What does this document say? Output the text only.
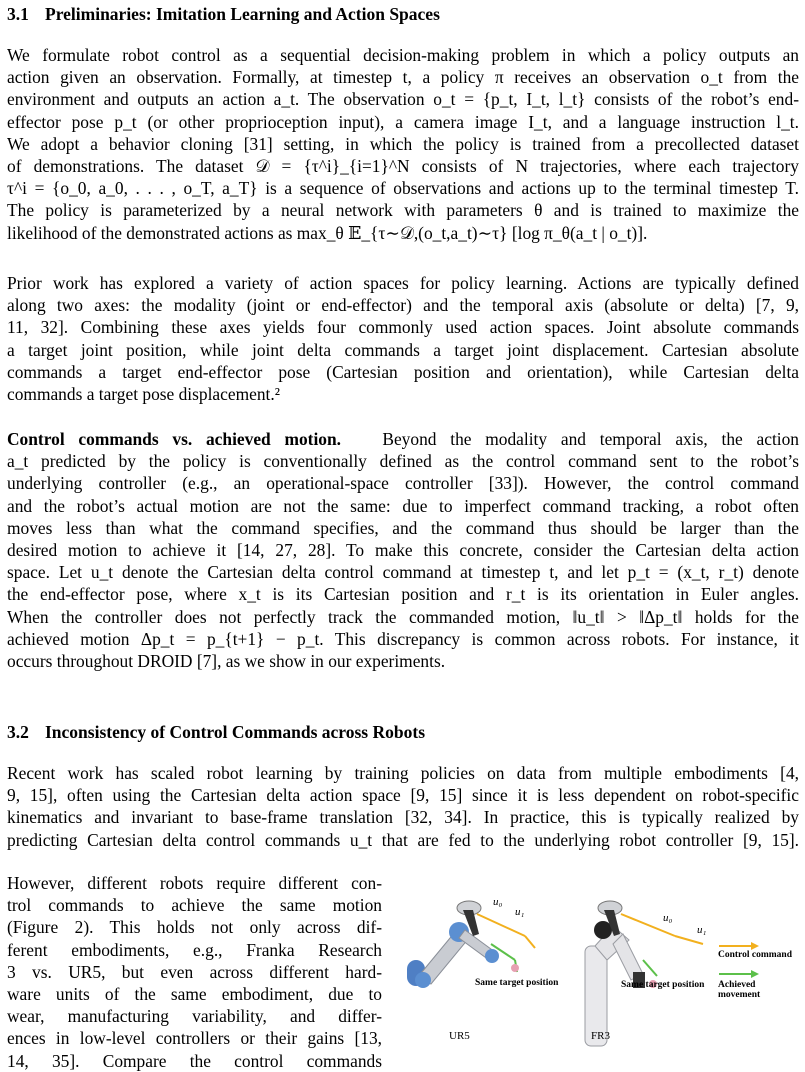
3.1 Preliminaries: Imitation Learning and Action Spaces
We formulate robot control as a sequential decision-making problem in which a policy outputs an
action given an observation. Formally, at timestep t, a policy π receives an observation o_t from the
environment and outputs an action a_t. The observation o_t = {p_t, I_t, l_t} consists of the robot’s end-
effector pose p_t (or other proprioception input), a camera image I_t, and a language instruction l_t.
We adopt a behavior cloning [31] setting, in which the policy is trained from a precollected dataset
of demonstrations. The dataset 𝒟 = {τ^i}_{i=1}^N consists of N trajectories, where each trajectory
τ^i = {o_0, a_0, . . . , o_T, a_T} is a sequence of observations and actions up to the terminal timestep T.
The policy is parameterized by a neural network with parameters θ and is trained to maximize the
likelihood of the demonstrated actions as max_θ 𝔼_{τ∼𝒟,(o_t,a_t)∼τ} [log π_θ(a_t | o_t)].
Prior work has explored a variety of action spaces for policy learning. Actions are typically defined
along two axes: the modality (joint or end-effector) and the temporal axis (absolute or delta) [7, 9,
11, 32]. Combining these axes yields four commonly used action spaces. Joint absolute commands
a target joint position, while joint delta commands a target joint displacement. Cartesian absolute
commands a target end-effector pose (Cartesian position and orientation), while Cartesian delta
commands a target pose displacement.²
Control commands vs. achieved motion. Beyond the modality and temporal axis, the action
a_t predicted by the policy is conventionally defined as the control command sent to the robot’s
underlying controller (e.g., an operational-space controller [33]). However, the control command
and the robot’s actual motion are not the same: due to imperfect command tracking, a robot often
moves less than what the command specifies, and the command thus should be larger than the
desired motion to achieve it [14, 27, 28]. To make this concrete, consider the Cartesian delta action
space. Let u_t denote the Cartesian delta control command at timestep t, and let p_t = (x_t, r_t) denote
the end-effector pose, where x_t is its Cartesian position and r_t is its orientation in Euler angles.
When the controller does not perfectly track the commanded motion, ‖u_t‖ > ‖Δp_t‖ holds for the
achieved motion Δp_t = p_{t+1} − p_t. This discrepancy is common across robots. For instance, it
occurs throughout DROID [7], as we show in our experiments.
3.2 Inconsistency of Control Commands across Robots
Recent work has scaled robot learning by training policies on data from multiple embodiments [4,
9, 15], often using the Cartesian delta action space [9, 15] since it is less dependent on robot-specific
kinematics and invariant to base-frame translation [32, 34]. In practice, this is typically realized by
predicting Cartesian delta control commands u_t that are fed to the underlying robot controller [9, 15].
However, different robots require different con-
trol commands to achieve the same motion
(Figure 2). This holds not only across dif-
ferent embodiments, e.g., Franka Research
3 vs. UR5, but even across different hard-
ware units of the same embodiment, due to
wear, manufacturing variability, and differ-
ences in low-level controllers or their gains [13,
14, 35]. Compare the control commands
u₀
u₁	u₀
u₁
Same target position	Same target position
Control command
Achieved movement
UR5	FR3
